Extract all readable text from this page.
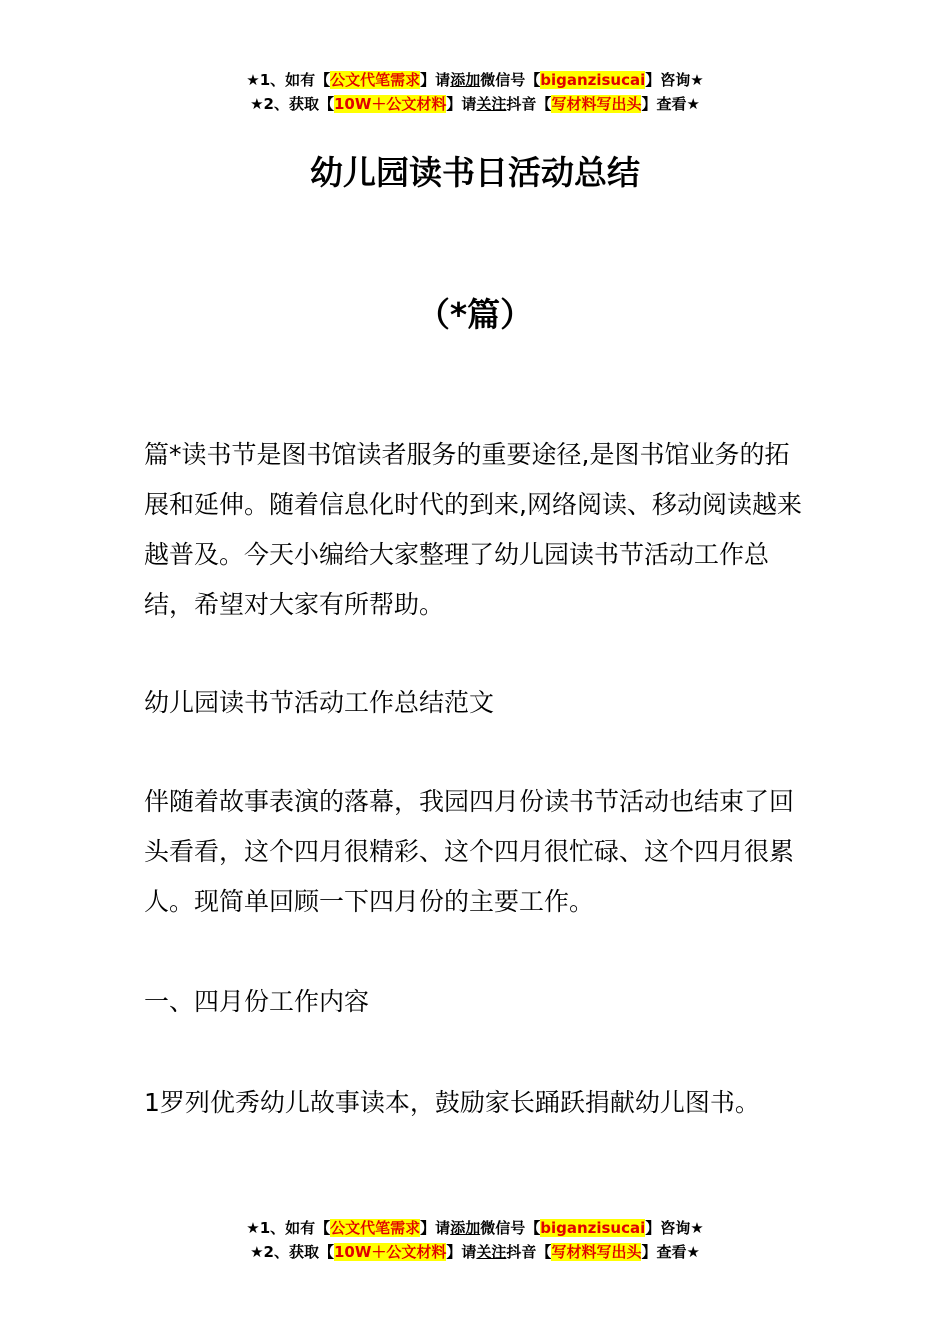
★1、如有【公文代笔需求】请添加微信号【biganzisucai】咨询★
★2、获取【10W＋公文材料】请关注抖音【写材料写出头】查看★
幼儿园读书日活动总结
（*篇）

篇*读书节是图书馆读者服务的重要途径,是图书馆业务的拓展和延伸。随着信息化时代的到来,网络阅读、移动阅读越来越普及。今天小编给大家整理了幼儿园读书节活动工作总结，希望对大家有所帮助。

幼儿园读书节活动工作总结范文

伴随着故事表演的落幕，我园四月份读书节活动也结束了回头看看，这个四月很精彩、这个四月很忙碌、这个四月很累人。现简单回顾一下四月份的主要工作。

一、四月份工作内容

1罗列优秀幼儿故事读本，鼓励家长踊跃捐献幼儿图书。

★1、如有【公文代笔需求】请添加微信号【biganzisucai】咨询★
★2、获取【10W＋公文材料】请关注抖音【写材料写出头】查看★
